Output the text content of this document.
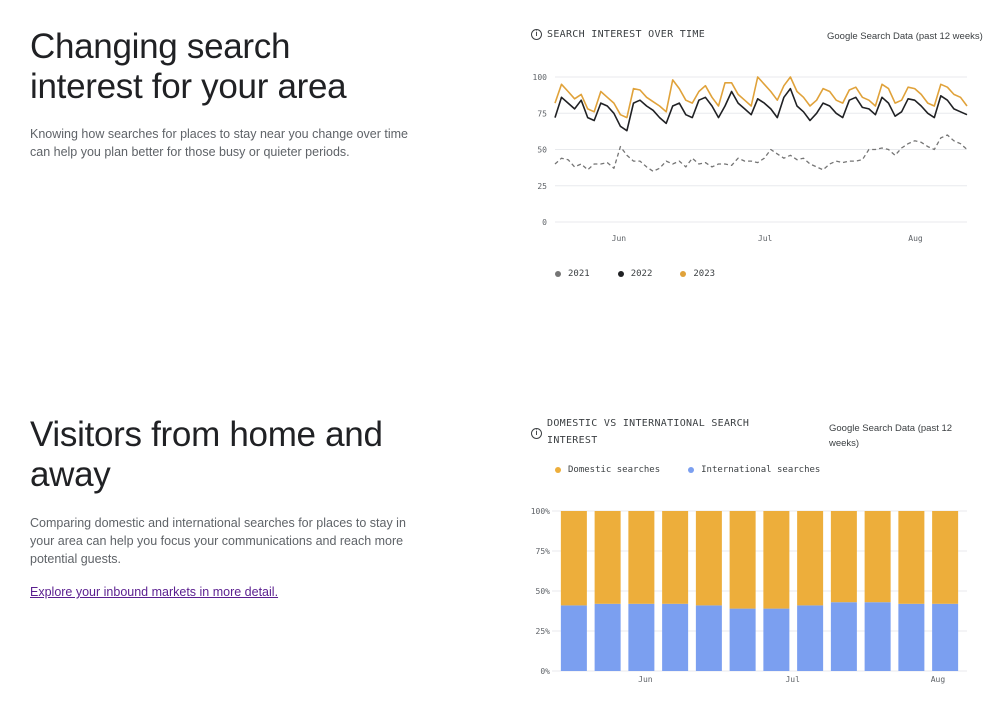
Changing search
interest for your area

Knowing how searches for places to stay near you change over time
can help you plan better for those busy or quieter periods.

i SEARCH INTEREST OVER TIME	Google Search Data (past 12 weeks)
100
75
50
25
0
Jun	Jul	Aug
2021	2022	2023
Visitors from home and
away

Comparing domestic and international searches for places to stay in
your area can help you focus your communications and reach more
potential guests.

Explore your inbound markets in more detail.
i
DOMESTIC VS INTERNATIONAL SEARCH
INTEREST
Google Search Data (past 12
weeks)
Domestic searches	International searches
100%
75%
50%
25%
0%
Jun	Jul	Aug
